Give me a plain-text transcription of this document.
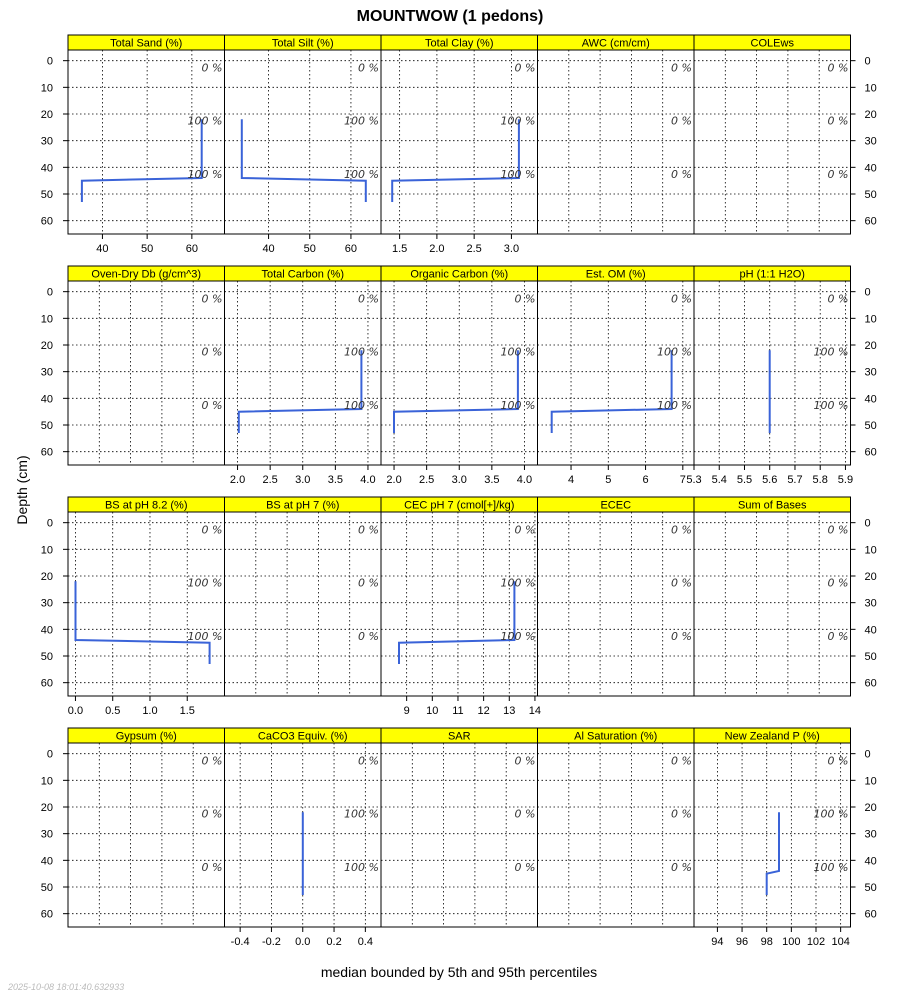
MOUNTWOW (1 pedons)
Total Sand (%)
0 %
100 %
100 %
40	50	60
0
10
20
30
40
50
60
Total Silt (%)
0 %
100 %
100 %
40	50	60
Total Clay (%)
0 %
100 %
100 %
1.5 2.0 2.5 3.0
AWC (cm/cm)
0 %
0 %
0 %
COLEws
0 %
0 %
0 %
0
10
20
30
40
50
60
Oven-Dry Db (g/cm^3)
0 %
0 %
0 %
0
10
20
30
40
50
60
Total Carbon (%)
0 %
100 %
100 %
2.0 2.5 3.0 3.5 4.0
Organic Carbon (%)
0 %
100 %
100 %
2.0 2.5 3.0 3.5 4.0
Est. OM (%)
0 %
100 %
100 %
4	5	6	7
pH (1:1 H2O)
0 %
100 %
100 %
5.3 5.4 5.5 5.6 5.7 5.8 5.9
0
10
20
30
40
50
60
BS at pH 8.2 (%)
0 %
100 %
100 %
0.0 0.5 1.0 1.5
0
10
20
30
40
50
60
BS at pH 7 (%)
0 %
0 %
0 %
CEC pH 7 (cmol[+]/kg)
0 %
100 %
100 %
9 10 11 12 13 14
ECEC
0 %
0 %
0 %
Sum of Bases
0 %
0 %
0 %
0
10
20
30
40
50
60
Gypsum (%)
0 %
0 %
0 %
0
10
20
30
40
50
60
CaCO3 Equiv. (%)
0 %
100 %
100 %
-0.4 -0.2 0.0 0.2 0.4
SAR
0 %
0 %
0 %
Al Saturation (%)
0 %
0 %
0 %
New Zealand P (%)
0 %
100 %
100 %
94 96 98 100 102 104
0
10
20
30
40
50
60
Depth (cm)
median bounded by 5th and 95th percentiles
2025-10-08 18:01:40.632933
